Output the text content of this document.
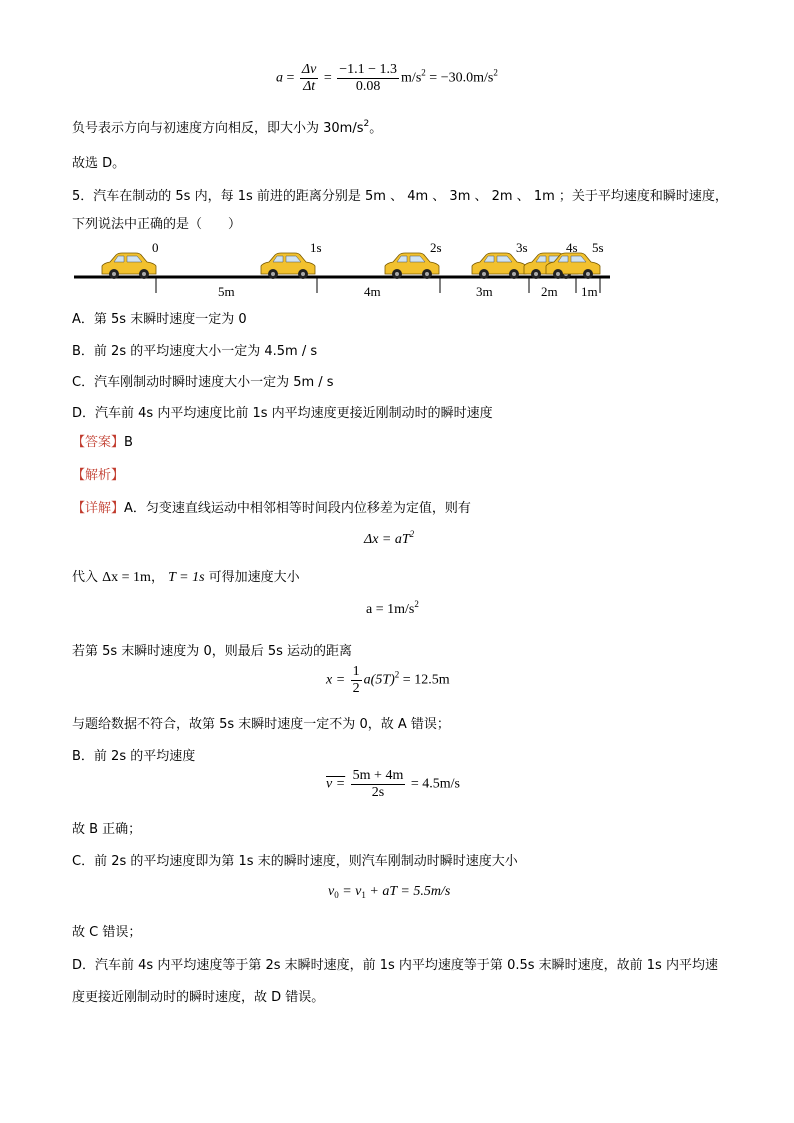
$a = \frac{\Delta v}{\Delta t} = \frac{-1.1 - 1.3}{0.08} m/s^2 = -30.0m/s^2$
负号表示方向与初速度方向相反，即大小为 $30m/s^2$。
故选 D。
5．汽车在制动的 5s 内，每 1s 前进的距离分别是 5m 、 4m 、 3m 、 2m 、 1m ；关于平均速度和瞬时速度，
下列说法中正确的是（　　）
0	1s	2s	3s	4s 5s
5m	4m	3m	2m 1m
A．第 5s 末瞬时速度一定为 0
B．前 2s 的平均速度大小一定为 4.5m / s
C．汽车刚制动时瞬时速度大小一定为 5m / s
D．汽车前 4s 内平均速度比前 1s 内平均速度更接近刚制动时的瞬时速度
【答案】B
【解析】
【详解】A．匀变速直线运动中相邻相等时间段内位移差为定值，则有
$\Delta x = aT^2$
代入 Δx = 1m， T = 1s 可得加速度大小
$a = 1m/s^2$
若第 5s 末瞬时速度为 0，则最后 5s 运动的距离
$x = \frac{1}{2} a(5T)^2 = 12.5m$
与题给数据不符合，故第 5s 末瞬时速度一定不为 0，故 A 错误；
B．前 2s 的平均速度
$v = \frac{5m + 4m}{2s} = 4.5m/s$
故 B 正确；
C．前 2s 的平均速度即为第 1s 末的瞬时速度，则汽车刚制动时瞬时速度大小
$v_0 = v_1$ + aT = 5.5m/s
故 C 错误；
D．汽车前 4s 内平均速度等于第 2s 末瞬时速度，前 1s 内平均速度等于第 0.5s 末瞬时速度，故前 1s 内平均速
度更接近刚制动时的瞬时速度，故 D 错误。
